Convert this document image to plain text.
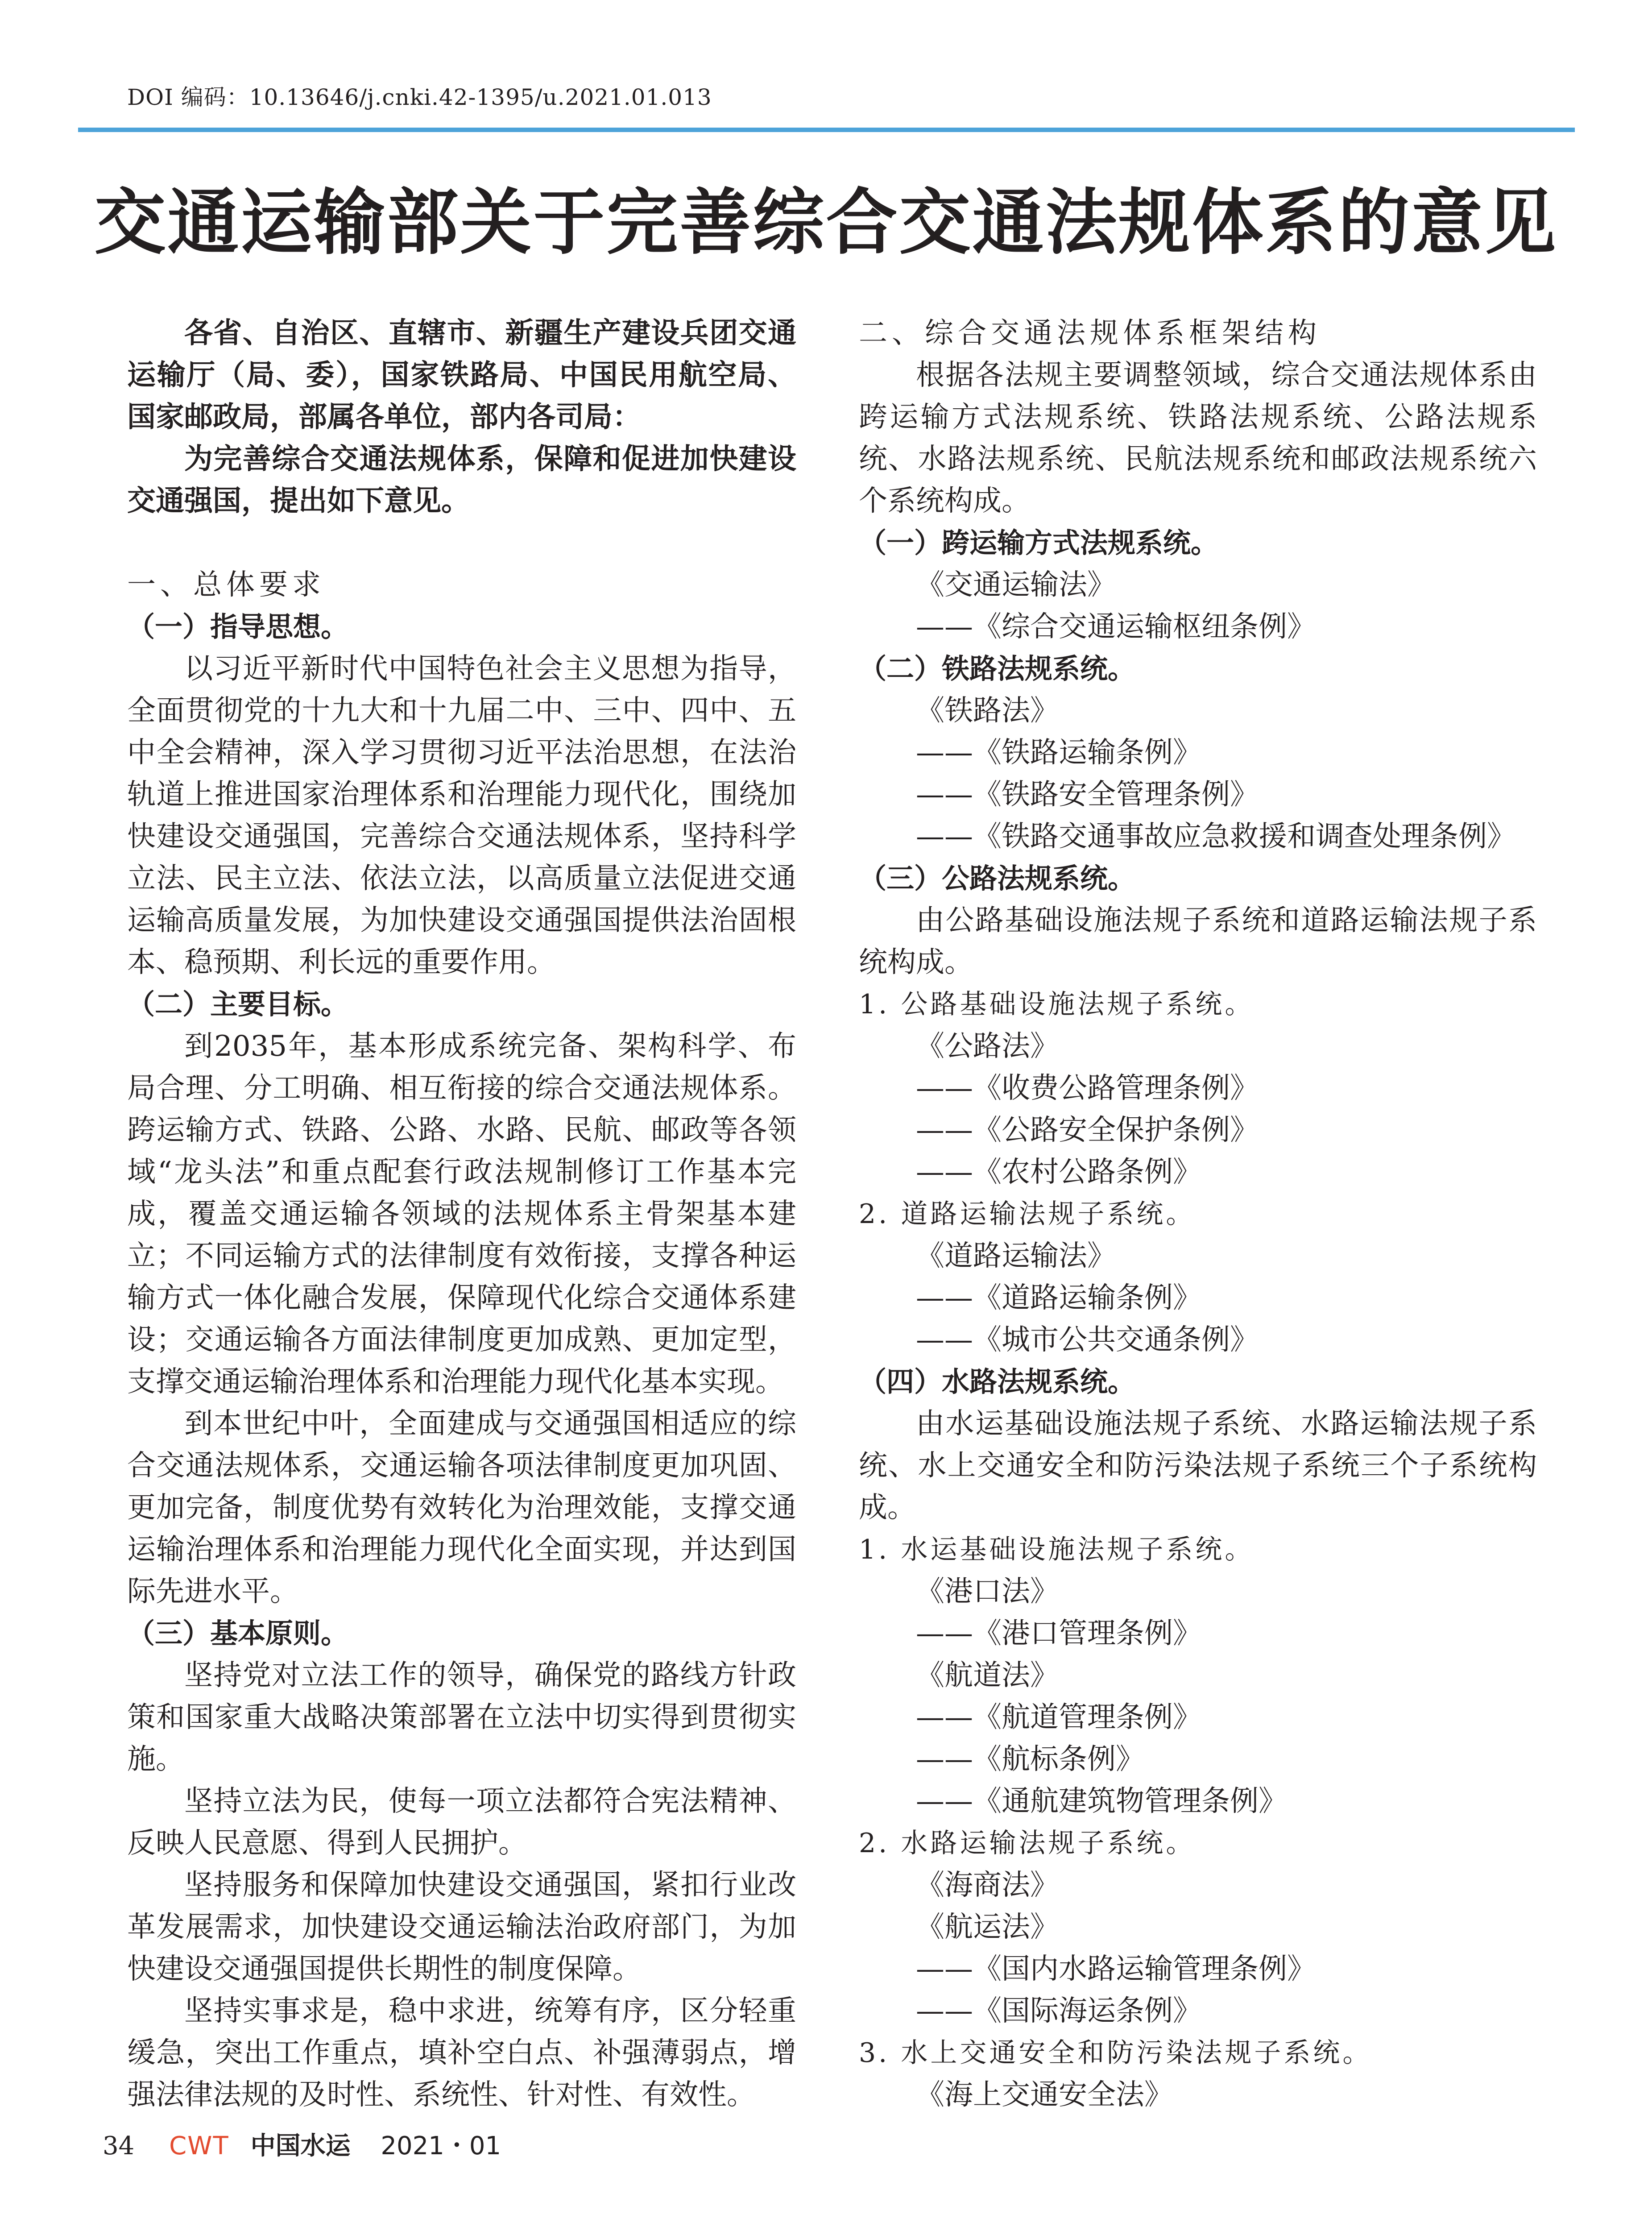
DOI 编码：10.13646/j.cnki.42-1395/u.2021.01.013
交通运输部关于完善综合交通法规体系的意见
各省、自治区、直辖市、新疆生产建设兵团交通运输厅（局、委），国家铁路局、中国民用航空局、国家邮政局，部属各单位，部内各司局：
为完善综合交通法规体系，保障和促进加快建设交通强国，提出如下意见。
一、总体要求
（一）指导思想。
以习近平新时代中国特色社会主义思想为指导，全面贯彻党的十九大和十九届二中、三中、四中、五中全会精神，深入学习贯彻习近平法治思想，在法治轨道上推进国家治理体系和治理能力现代化，围绕加快建设交通强国，完善综合交通法规体系，坚持科学立法、民主立法、依法立法，以高质量立法促进交通运输高质量发展，为加快建设交通强国提供法治固根本、稳预期、利长远的重要作用。
（二）主要目标。
到2035年，基本形成系统完备、架构科学、布局合理、分工明确、相互衔接的综合交通法规体系。跨运输方式、铁路、公路、水路、民航、邮政等各领域“龙头法”和重点配套行政法规制修订工作基本完成，覆盖交通运输各领域的法规体系主骨架基本建立；不同运输方式的法律制度有效衔接，支撑各种运输方式一体化融合发展，保障现代化综合交通体系建设；交通运输各方面法律制度更加成熟、更加定型，支撑交通运输治理体系和治理能力现代化基本实现。
到本世纪中叶，全面建成与交通强国相适应的综合交通法规体系，交通运输各项法律制度更加巩固、更加完备，制度优势有效转化为治理效能，支撑交通运输治理体系和治理能力现代化全面实现，并达到国际先进水平。
（三）基本原则。
坚持党对立法工作的领导，确保党的路线方针政策和国家重大战略决策部署在立法中切实得到贯彻实施。
坚持立法为民，使每一项立法都符合宪法精神、反映人民意愿、得到人民拥护。
坚持服务和保障加快建设交通强国，紧扣行业改革发展需求，加快建设交通运输法治政府部门，为加快建设交通强国提供长期性的制度保障。
坚持实事求是，稳中求进，统筹有序，区分轻重缓急，突出工作重点，填补空白点、补强薄弱点，增强法律法规的及时性、系统性、针对性、有效性。
二、综合交通法规体系框架结构
根据各法规主要调整领域，综合交通法规体系由跨运输方式法规系统、铁路法规系统、公路法规系统、水路法规系统、民航法规系统和邮政法规系统六个系统构成。
（一）跨运输方式法规系统。
《交通运输法》
——《综合交通运输枢纽条例》
（二）铁路法规系统。
《铁路法》
——《铁路运输条例》
——《铁路安全管理条例》
——《铁路交通事故应急救援和调查处理条例》
（三）公路法规系统。
由公路基础设施法规子系统和道路运输法规子系统构成。
1. 公路基础设施法规子系统。
《公路法》
——《收费公路管理条例》
——《公路安全保护条例》
——《农村公路条例》
2. 道路运输法规子系统。
《道路运输法》
——《道路运输条例》
——《城市公共交通条例》
（四）水路法规系统。
由水运基础设施法规子系统、水路运输法规子系统、水上交通安全和防污染法规子系统三个子系统构成。
1. 水运基础设施法规子系统。
《港口法》
——《港口管理条例》
《航道法》
——《航道管理条例》
——《航标条例》
——《通航建筑物管理条例》
2. 水路运输法规子系统。
《海商法》
《航运法》
——《国内水路运输管理条例》
——《国际海运条例》
3. 水上交通安全和防污染法规子系统。
《海上交通安全法》
34 CWT 中国水运 2021・01
